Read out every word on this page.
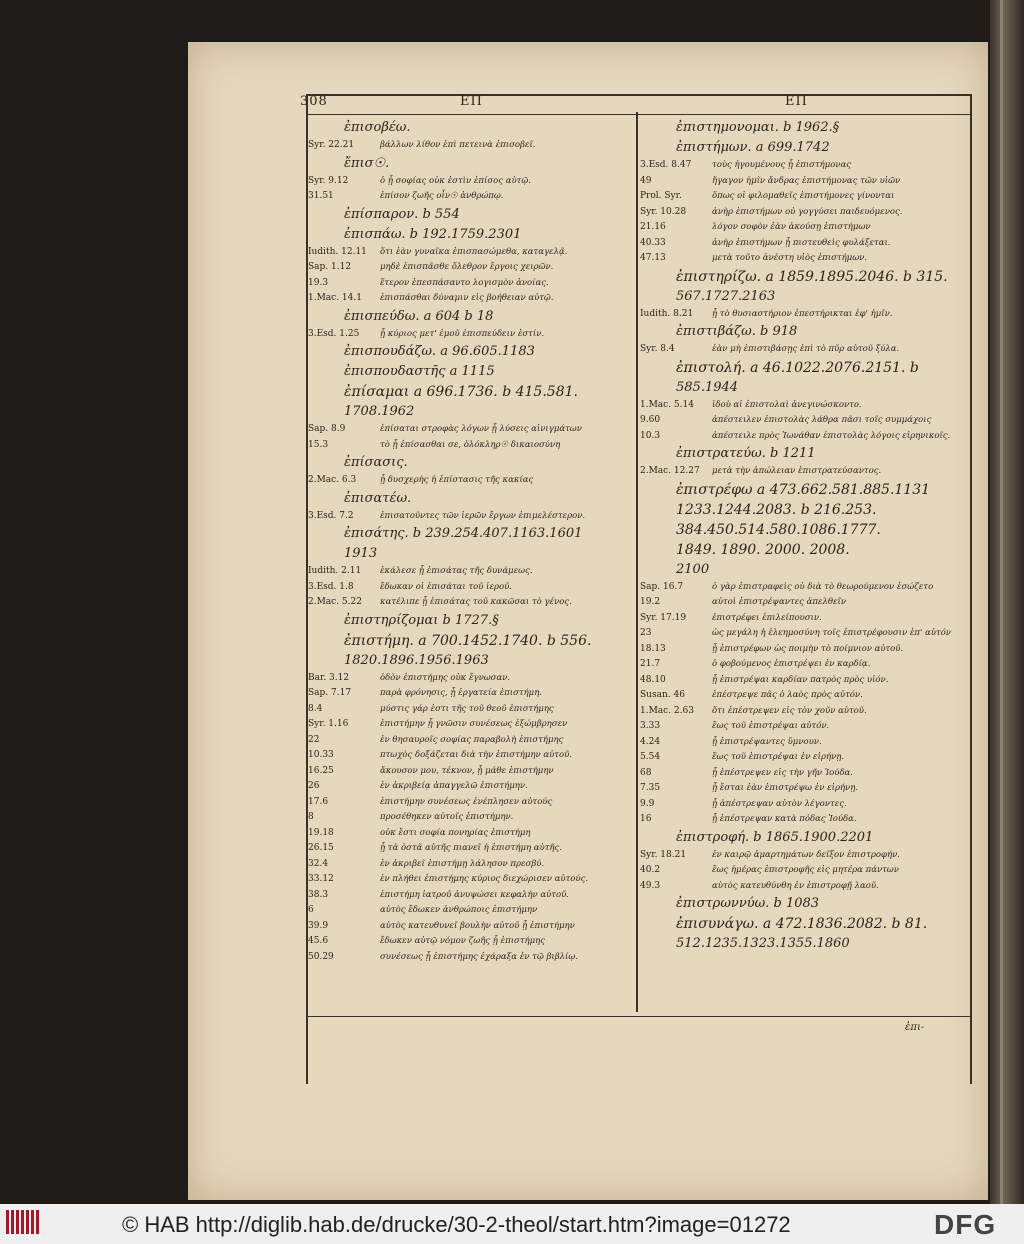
308	ΕΠ	ΕΠ
ἐπισοβέω.
Syr. 22.21	βάλλων λίθον ἐπὶ πετεινὰ ἐπισοβεῖ.
ἔπισ☉.
Syr. 9.12	ὁ ᾗ σοφίας οὐκ ἐστὶν ἐπίσος αὐτῷ.
31.51	ἐπίσον ζωῆς οἶν☉ ἀνθρώπῳ.
ἐπίσπαρον. b 554
ἐπισπάω. b 192.1759.2301
Iudith. 12.11	ὅτι ἐὰν γυναῖκα ἐπισπασώμεθα, καταγελᾷ.
Sap. 1.12	μηδὲ ἐπισπᾶσθε ὄλεθρον ἔργοις χειρῶν.
19.3	ἕτερον ἐπεσπάσαντο λογισμὸν ἀνοίας.
1.Mac. 14.1	ἐπισπάσθαι δύναμιν εἰς βοήθειαν αὐτῷ.
ἐπισπεύδω. a 604 b 18
3.Esd. 1.25	ᾗ κύριος μετ' ἐμοῦ ἐπισπεύδειν ἐστίν.
ἐπισπουδάζω. a 96.605.1183
ἐπισπουδαστῆς a 1115
ἐπίσαμαι a 696.1736. b 415.581.
1708.1962
Sap. 8.9	ἐπίσαται στροφὰς λόγων ᾗ λύσεις αἰνιγμάτων
15.3	τὸ ᾗ ἐπίσασθαι σε, ὁλόκληρ☉ δικαιοσύνη
ἐπίσασις.
2.Mac. 6.3	ᾗ δυσχερὴς ἡ ἐπίστασις τῆς κακίας
ἐπισατέω.
3.Esd. 7.2	ἐπισατοῦντες τῶν ἱερῶν ἔργων ἐπιμελέστερον.
ἐπισάτης. b 239.254.407.1163.1601
1913
Iudith. 2.11	ἐκάλεσε ᾗ ἐπισάτας τῆς δυνάμεως.
3.Esd. 1.8	ἔδωκαν οἱ ἐπισάται τοῦ ἱεροῦ.
2.Mac. 5.22	κατέλιπε ᾗ ἐπισάτας τοῦ κακῶσαι τὸ γένος.
ἐπιστηρίζομαι b 1727.§
ἐπιστήμη. a 700.1452.1740. b 556.
1820.1896.1956.1963
Bar. 3.12	ὁδὸν ἐπιστήμης οὐκ ἔγνωσαν.
Sap. 7.17	παρὰ φρόνησις, ᾗ ἐργατεία ἐπιστήμη.
8.4	μύστις γάρ ἐστι τῆς τοῦ θεοῦ ἐπιστήμης
Syr. 1.16	ἐπιστήμην ᾗ γνῶσιν συνέσεως ἐξώμβρησεν
22	ἐν θησαυροῖς σοφίας παραβολὴ ἐπιστήμης
10.33	πτωχὸς δοξάζεται διὰ τὴν ἐπιστήμην αὐτοῦ.
16.25	ἄκουσον μου, τέκνον, ᾗ μάθε ἐπιστήμην
26	ἐν ἀκριβείᾳ ἀπαγγελῶ ἐπιστήμην.
17.6	ἐπιστήμην συνέσεως ἐνέπλησεν αὐτούς
8	προσέθηκεν αὐτοῖς ἐπιστήμην.
19.18	οὐκ ἔστι σοφία πονηρίας ἐπιστήμη
26.15	ᾗ τὰ ὀστᾶ αὐτῆς πιανεῖ ἡ ἐπιστήμη αὐτῆς.
32.4	ἐν ἀκριβεῖ ἐπιστήμῃ λάλησον πρεσβύ.
33.12	ἐν πλήθει ἐπιστήμης κύριος διεχώρισεν αὐτούς.
38.3	ἐπιστήμη ἰατροῦ ἀνυψώσει κεφαλὴν αὐτοῦ.
6	αὐτὸς ἔδωκεν ἀνθρώποις ἐπιστήμην
39.9	αὐτὸς κατευθυνεῖ βουλὴν αὐτοῦ ᾗ ἐπιστήμην
45.6	ἔδωκεν αὐτῷ νόμον ζωῆς ᾗ ἐπιστήμης
50.29	συνέσεως ᾗ ἐπιστήμης ἐχάραξα ἐν τῷ βιβλίῳ.
ἐπιστημονομαι. b 1962.§
ἐπιστήμων. a 699.1742
3.Esd. 8.47	τοὺς ἡγουμένους ᾗ ἐπιστήμονας
49	ἤγαγον ἡμῖν ἄνδρας ἐπιστήμονας τῶν υἱῶν
Prol. Syr.	ὅπως οἱ φιλομαθεῖς ἐπιστήμονες γίνονται
Syr. 10.28	ἀνὴρ ἐπιστήμων οὐ γογγύσει παιδευόμενος.
21.16	λόγον σοφὸν ἐὰν ἀκούσῃ ἐπιστήμων
40.33	ἀνὴρ ἐπιστήμων ᾗ πιστευθεὶς φυλάξεται.
47.13	μετὰ τοῦτο ἀνέστη υἱὸς ἐπιστήμων.
ἐπιστηρίζω. a 1859.1895.2046. b 315.
567.1727.2163
Iudith. 8.21	ᾗ τὸ θυσιαστήριον ἐπεστήρικται ἐφ' ἡμῖν.
ἐπιστιβάζω. b 918
Syr. 8.4	ἐὰν μὴ ἐπιστιβάσῃς ἐπὶ τὸ πῦρ αὐτοῦ ξύλα.
ἐπιστολή. a 46.1022.2076.2151. b
585.1944
1.Mac. 5.14	ἰδοὺ αἱ ἐπιστολαὶ ἀνεγινώσκοντο.
9.60	ἀπέστειλεν ἐπιστολὰς λάθρα πᾶσι τοῖς συμμάχοις
10.3	ἀπέστειλε πρὸς Ἰωνάθαν ἐπιστολὰς λόγοις εἰρηνικοῖς.
ἐπιστρατεύω. b 1211
2.Mac. 12.27	μετὰ τὴν ἀπώλειαν ἐπιστρατεύσαντος.
ἐπιστρέφω a 473.662.581.885.1131
1233.1244.2083. b 216.253.
384.450.514.580.1086.1777.
1849. 1890. 2000. 2008.
2100
Sap. 16.7	ὁ γὰρ ἐπιστραφεὶς οὐ διὰ τὸ θεωρούμενον ἐσώζετο
19.2	αὐτοὶ ἐπιστρέψαντες ἀπελθεῖν
Syr. 17.19	ἐπιστρέφει ἐπιλείπουσιν.
23	ὡς μεγάλη ἡ ἐλεημοσύνη τοῖς ἐπιστρέφουσιν ἐπ' αὐτόν
18.13	ᾗ ἐπιστρέφων ὡς ποιμὴν τὸ ποίμνιον αὐτοῦ.
21.7	ὁ φοβούμενος ἐπιστρέψει ἐν καρδίᾳ.
48.10	ᾗ ἐπιστρέψαι καρδίαν πατρὸς πρὸς υἱόν.
Susan. 46	ἐπέστρεψε πᾶς ὁ λαὸς πρὸς αὐτόν.
1.Mac. 2.63	ὅτι ἐπέστρεψεν εἰς τὸν χοῦν αὐτοῦ.
3.33	ἕως τοῦ ἐπιστρέψαι αὐτόν.
4.24	ᾗ ἐπιστρέψαντες ὕμνουν.
5.54	ἕως τοῦ ἐπιστρέψαι ἐν εἰρήνῃ.
68	ᾗ ἐπέστρεψεν εἰς τὴν γῆν Ἰούδα.
7.35	ᾗ ἔσται ἐὰν ἐπιστρέψω ἐν εἰρήνῃ.
9.9	ᾗ ἀπέστρεψαν αὐτὸν λέγοντες.
16	ᾗ ἐπέστρεψαν κατὰ πόδας Ἰούδα.
ἐπιστροφή. b 1865.1900.2201
Syr. 18.21	ἐν καιρῷ ἁμαρτημάτων δεῖξον ἐπιστροφήν.
40.2	ἕως ἡμέρας ἐπιστροφῆς εἰς μητέρα πάντων
49.3	αὐτὸς κατευθύνθη ἐν ἐπιστροφῇ λαοῦ.
ἐπιστρωννύω. b 1083
ἐπισυνάγω. a 472.1836.2082. b 81.
512.1235.1323.1355.1860
ἐπι-
© HAB http://diglib.hab.de/drucke/30-2-theol/start.htm?image=01272	DFG
